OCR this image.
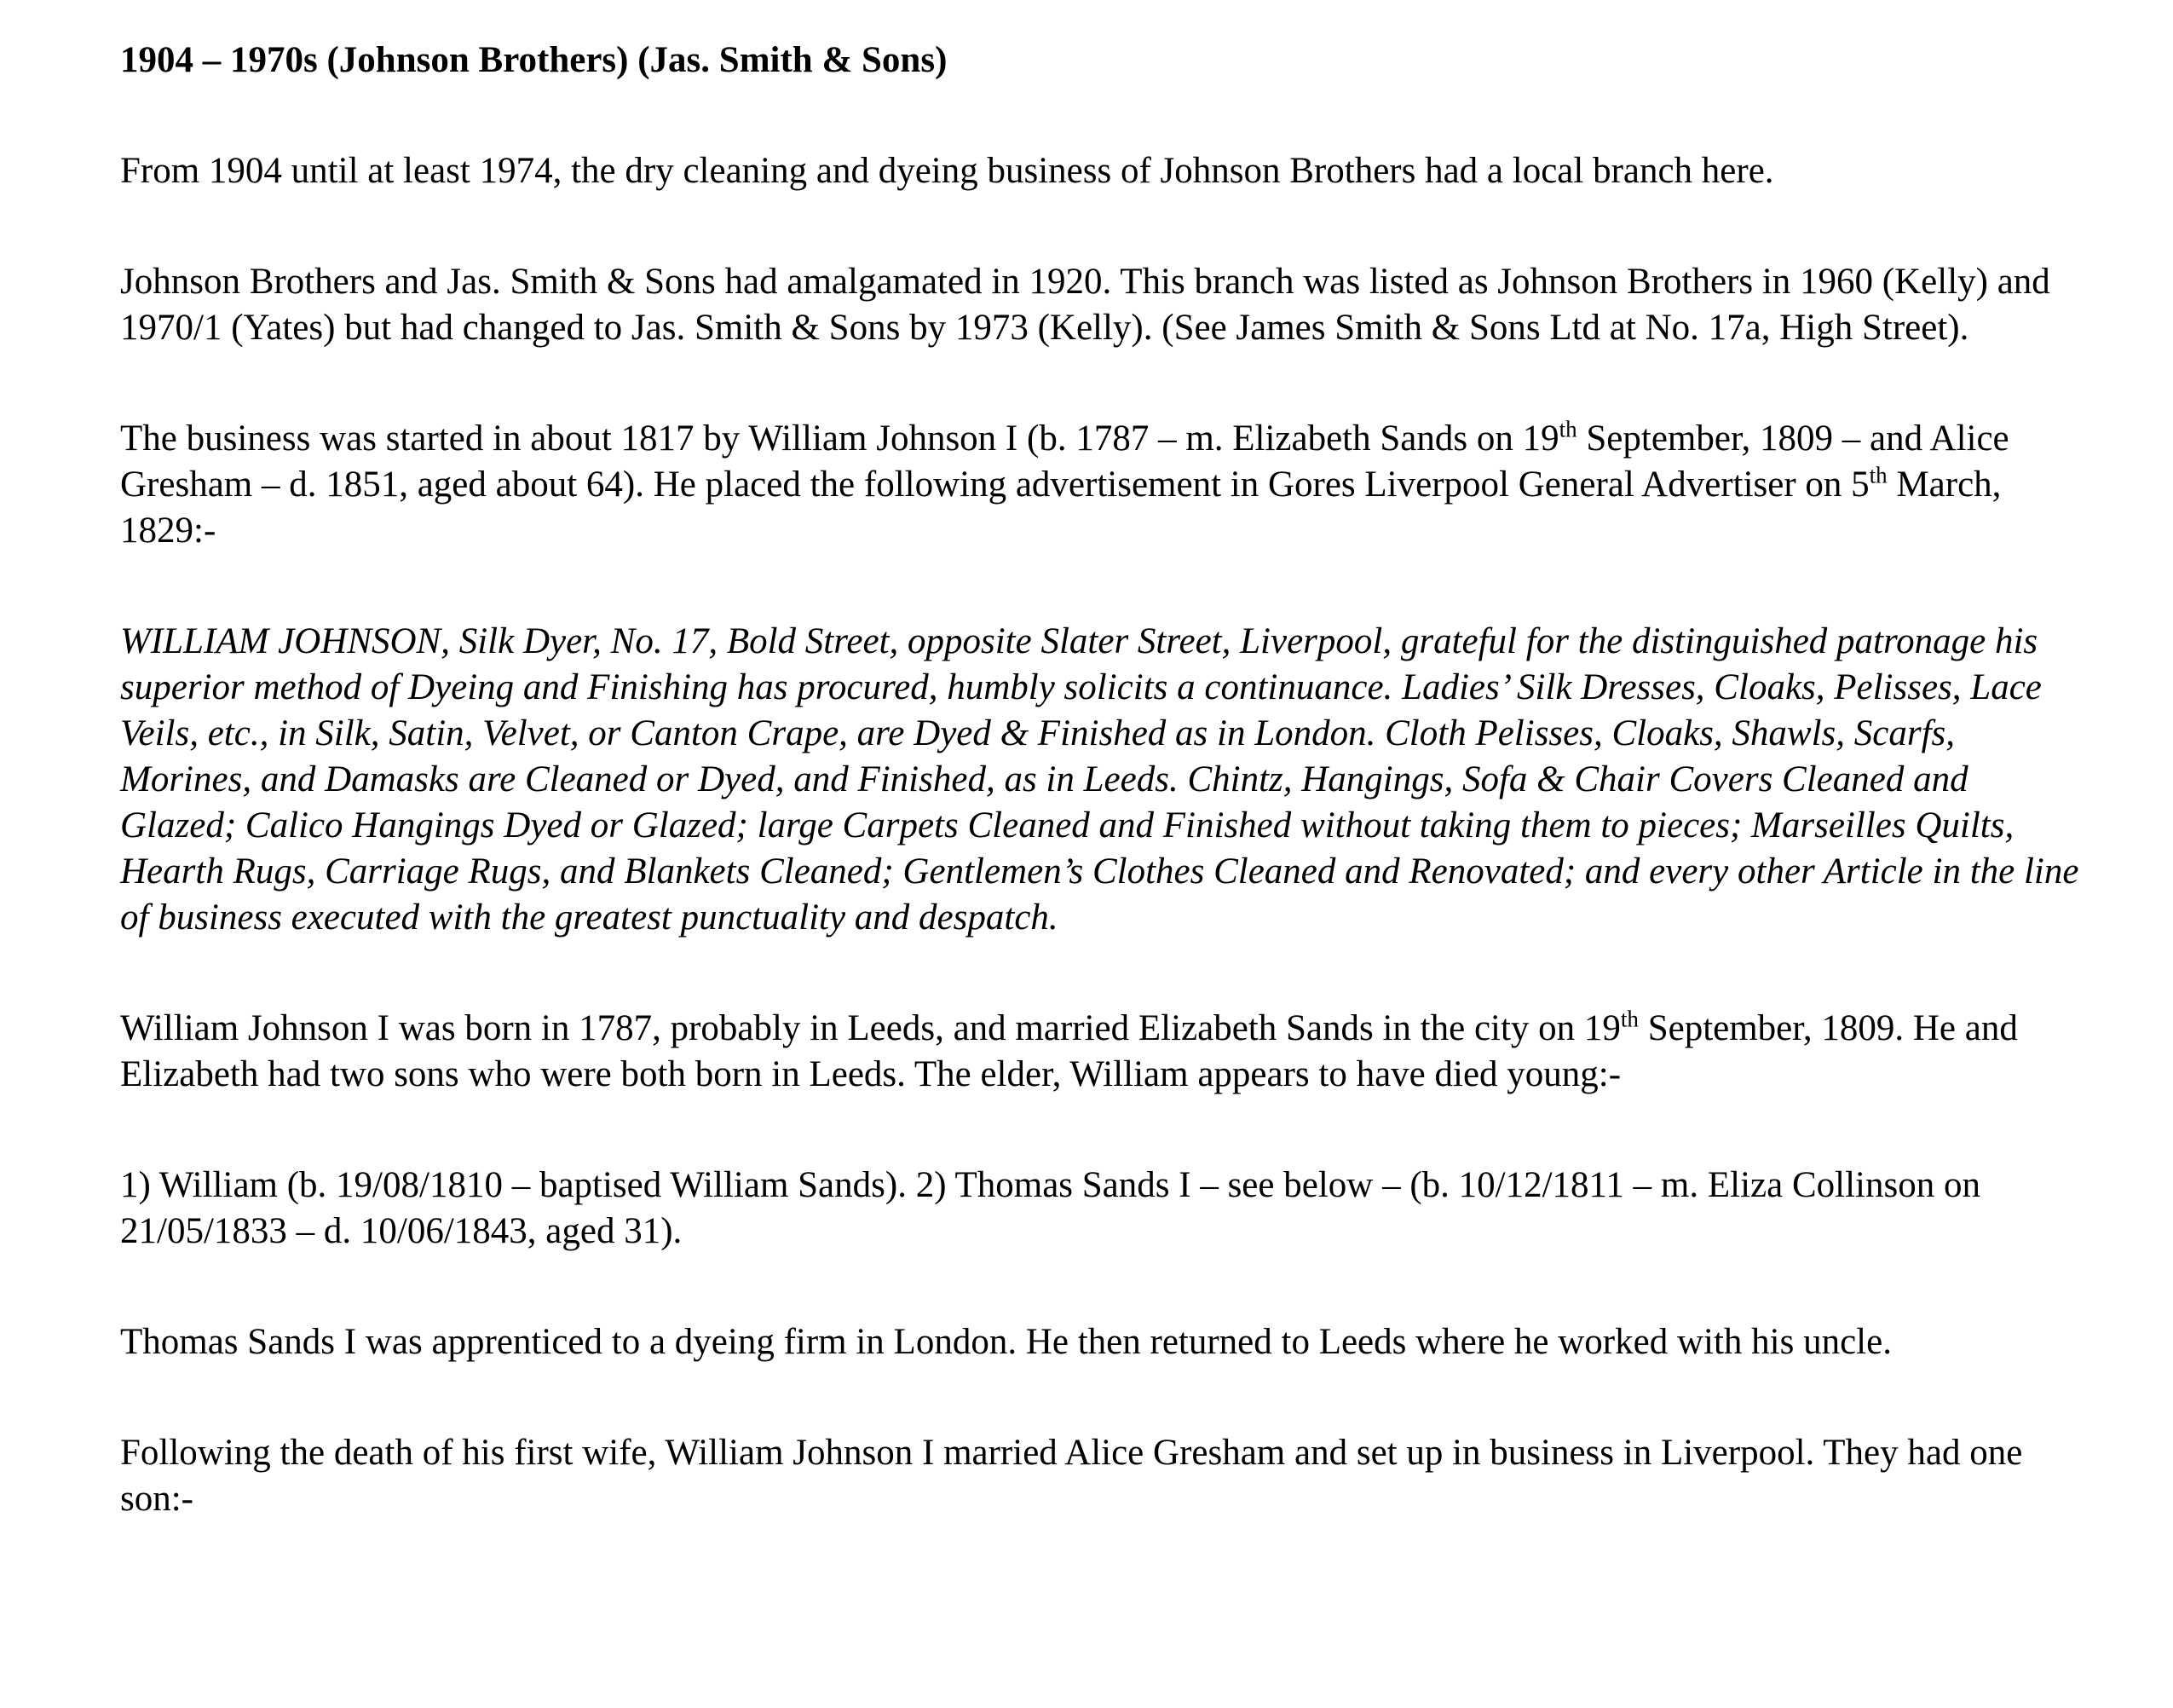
1904 – 1970s (Johnson Brothers) (Jas. Smith & Sons)
From 1904 until at least 1974, the dry cleaning and dyeing business of Johnson Brothers had a local branch here.
Johnson Brothers and Jas. Smith & Sons had amalgamated in 1920. This branch was listed as Johnson Brothers in 1960 (Kelly) and 1970/1 (Yates) but had changed to Jas. Smith & Sons by 1973 (Kelly). (See James Smith & Sons Ltd at No. 17a, High Street).
The business was started in about 1817 by William Johnson I (b. 1787 – m. Elizabeth Sands on 19th September, 1809 – and Alice Gresham – d. 1851, aged about 64). He placed the following advertisement in Gores Liverpool General Advertiser on 5th March, 1829:-
WILLIAM JOHNSON, Silk Dyer, No. 17, Bold Street, opposite Slater Street, Liverpool, grateful for the distinguished patronage his superior method of Dyeing and Finishing has procured, humbly solicits a continuance. Ladies’ Silk Dresses, Cloaks, Pelisses, Lace Veils, etc., in Silk, Satin, Velvet, or Canton Crape, are Dyed & Finished as in London. Cloth Pelisses, Cloaks, Shawls, Scarfs, Morines, and Damasks are Cleaned or Dyed, and Finished, as in Leeds. Chintz, Hangings, Sofa & Chair Covers Cleaned and Glazed; Calico Hangings Dyed or Glazed; large Carpets Cleaned and Finished without taking them to pieces; Marseilles Quilts, Hearth Rugs, Carriage Rugs, and Blankets Cleaned; Gentlemen’s Clothes Cleaned and Renovated; and every other Article in the line of business executed with the greatest punctuality and despatch.
William Johnson I was born in 1787, probably in Leeds, and married Elizabeth Sands in the city on 19th September, 1809. He and Elizabeth had two sons who were both born in Leeds. The elder, William appears to have died young:-
1) William (b. 19/08/1810 – baptised William Sands). 2) Thomas Sands I – see below – (b. 10/12/1811 – m. Eliza Collinson on 21/05/1833 – d. 10/06/1843, aged 31).
Thomas Sands I was apprenticed to a dyeing firm in London. He then returned to Leeds where he worked with his uncle.
Following the death of his first wife, William Johnson I married Alice Gresham and set up in business in Liverpool. They had one son:-
